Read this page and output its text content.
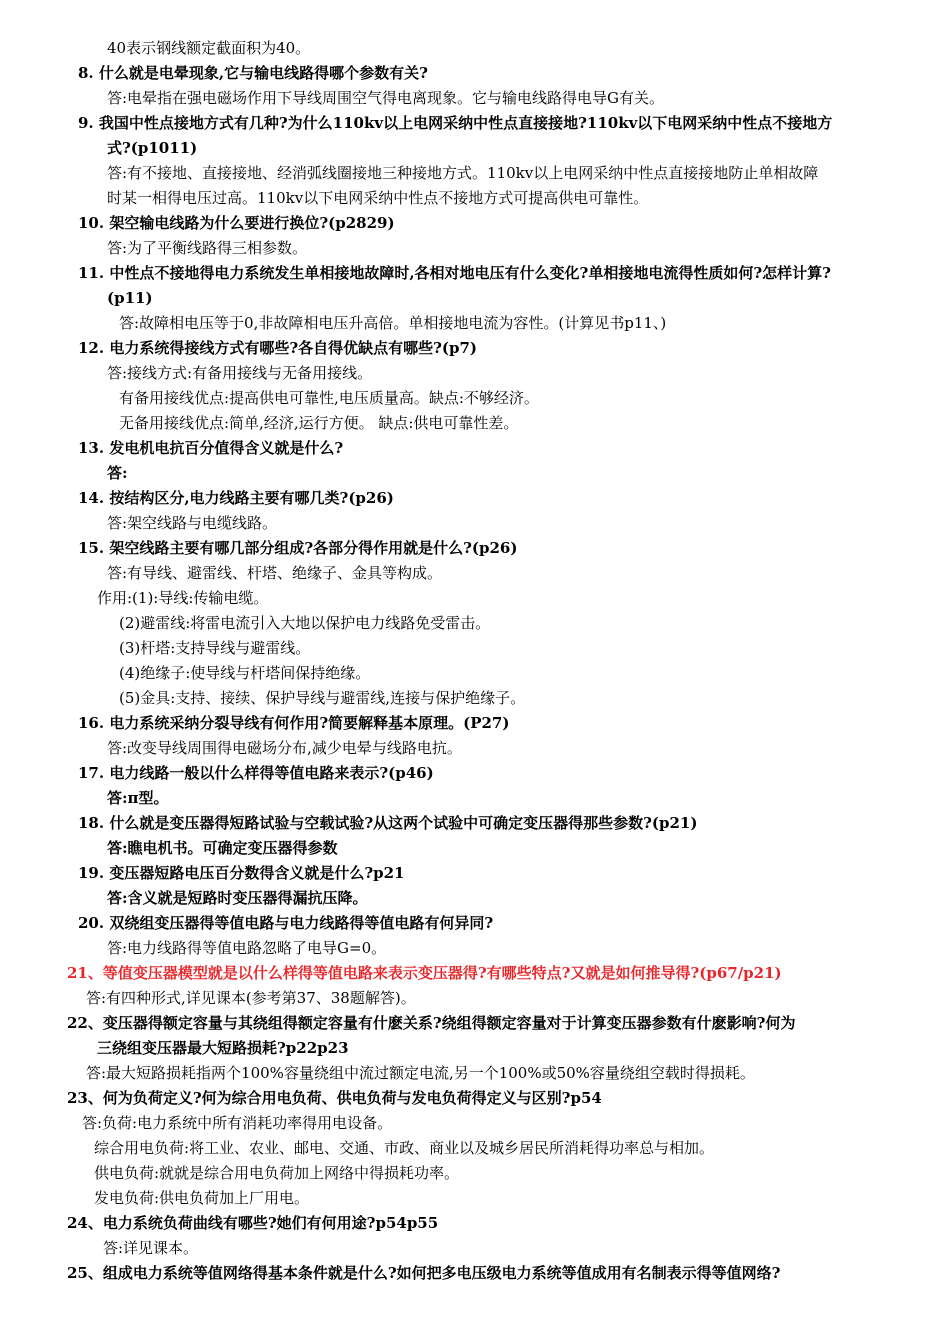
40表示钢线额定截面积为40。
8. 什么就是电晕现象,它与输电线路得哪个参数有关?
答:电晕指在强电磁场作用下导线周围空气得电离现象。它与输电线路得电导G有关。
9. 我国中性点接地方式有几种?为什么110kv以上电网采纳中性点直接接地?110kv以下电网采纳中性点不接地方
式?(p1011)
答:有不接地、直接接地、经消弧线圈接地三种接地方式。110kv以上电网采纳中性点直接接地防止单相故障
时某一相得电压过高。110kv以下电网采纳中性点不接地方式可提高供电可靠性。
10. 架空输电线路为什么要进行换位?(p2829)
答:为了平衡线路得三相参数。
11. 中性点不接地得电力系统发生单相接地故障时,各相对地电压有什么变化?单相接地电流得性质如何?怎样计算?
(p11)
答:故障相电压等于0,非故障相电压升高倍。单相接地电流为容性。(计算见书p11、)
12. 电力系统得接线方式有哪些?各自得优缺点有哪些?(p7)
答:接线方式:有备用接线与无备用接线。
有备用接线优点:提高供电可靠性,电压质量高。缺点:不够经济。
无备用接线优点:简单,经济,运行方便。 缺点:供电可靠性差。
13. 发电机电抗百分值得含义就是什么?
答:
14. 按结构区分,电力线路主要有哪几类?(p26)
答:架空线路与电缆线路。
15. 架空线路主要有哪几部分组成?各部分得作用就是什么?(p26)
答:有导线、避雷线、杆塔、绝缘子、金具等构成。
作用:(1):导线:传输电缆。
(2)避雷线:将雷电流引入大地以保护电力线路免受雷击。
(3)杆塔:支持导线与避雷线。
(4)绝缘子:使导线与杆塔间保持绝缘。
(5)金具:支持、接续、保护导线与避雷线,连接与保护绝缘子。
16. 电力系统采纳分裂导线有何作用?简要解释基本原理。(P27)
答:改变导线周围得电磁场分布,减少电晕与线路电抗。
17. 电力线路一般以什么样得等值电路来表示?(p46)
答:π型。
18. 什么就是变压器得短路试验与空载试验?从这两个试验中可确定变压器得那些参数?(p21)
答:瞧电机书。可确定变压器得参数
19. 变压器短路电压百分数得含义就是什么?p21
答:含义就是短路时变压器得漏抗压降。
20. 双绕组变压器得等值电路与电力线路得等值电路有何异同?
答:电力线路得等值电路忽略了电导G=0。
21、等值变压器模型就是以什么样得等值电路来表示变压器得?有哪些特点?又就是如何推导得?(p67/p21)
答:有四种形式,详见课本(参考第37、38题解答)。
22、变压器得额定容量与其绕组得额定容量有什麽关系?绕组得额定容量对于计算变压器参数有什麽影响?何为
三绕组变压器最大短路损耗?p22p23
答:最大短路损耗指两个100%容量绕组中流过额定电流,另一个100%或50%容量绕组空载时得损耗。
23、何为负荷定义?何为综合用电负荷、供电负荷与发电负荷得定义与区别?p54
答:负荷:电力系统中所有消耗功率得用电设备。
综合用电负荷:将工业、农业、邮电、交通、市政、商业以及城乡居民所消耗得功率总与相加。
供电负荷:就就是综合用电负荷加上网络中得损耗功率。
发电负荷:供电负荷加上厂用电。
24、电力系统负荷曲线有哪些?她们有何用途?p54p55
答:详见课本。
25、组成电力系统等值网络得基本条件就是什么?如何把多电压级电力系统等值成用有名制表示得等值网络?
